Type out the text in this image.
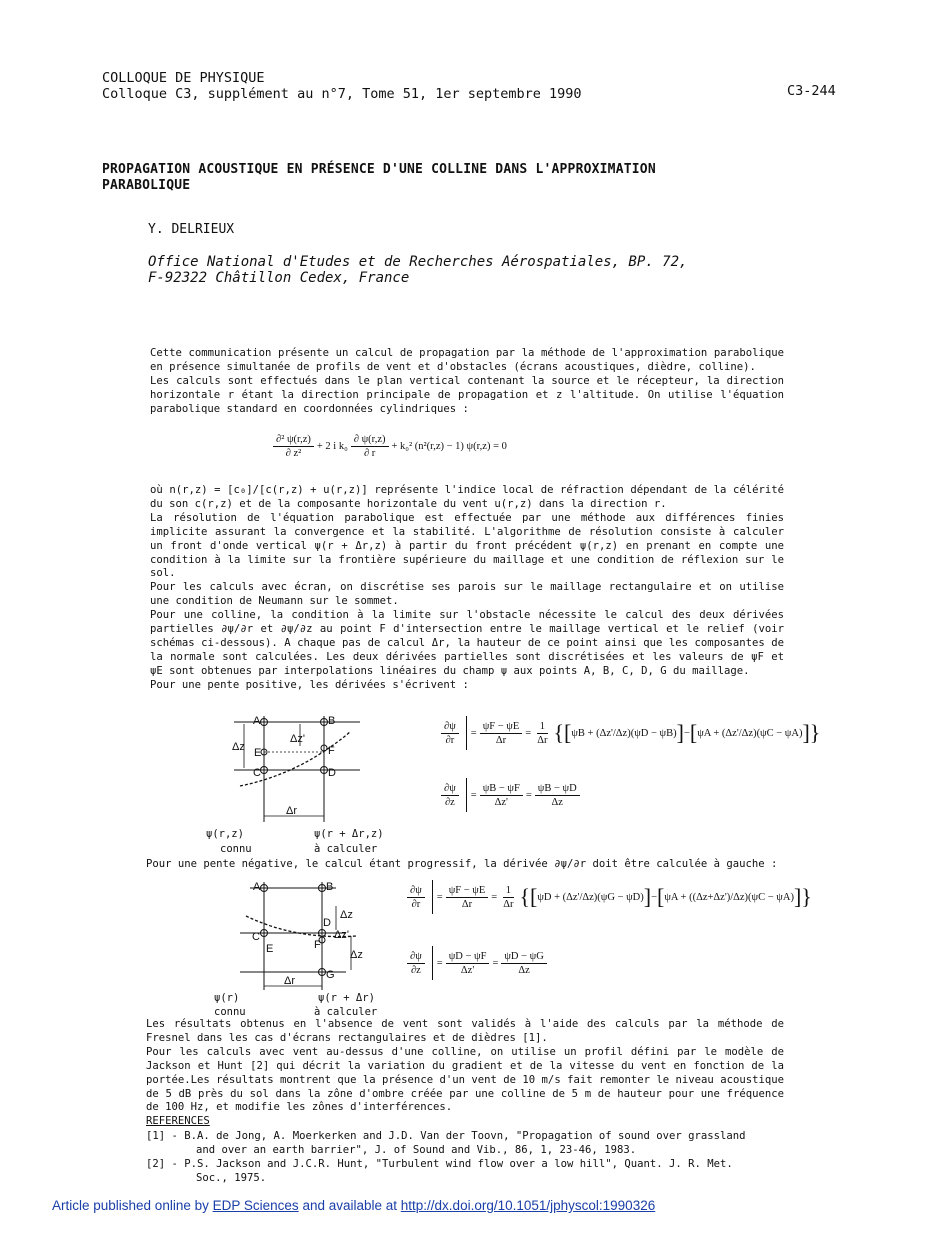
COLLOQUE DE PHYSIQUE
Colloque C3, supplément au n°7, Tome 51, 1er septembre 1990	C3-244
PROPAGATION ACOUSTIQUE EN PRÉSENCE D'UNE COLLINE DANS L'APPROXIMATION
PARABOLIQUE
Y. DELRIEUX
Office National d'Etudes et de Recherches Aérospatiales, BP. 72,
F-92322 Châtillon Cedex, France

Cette communication présente un calcul de propagation par la méthode de l'approximation parabolique en présence simultanée de profils de vent et d'obstacles (écrans acoustiques, dièdre, colline).

Les calculs sont effectués dans le plan vertical contenant la source et le récepteur, la direction horizontale r étant la direction principale de propagation et z l'altitude. On utilise l'équation parabolique standard en coordonnées cylindriques :

$\frac{\text{∂² ψ(r,z)}}{\text{∂ z²}} + 2$ i $k_0 \frac{\partial \psi(r,z)}{\partial r} + k_0^2$ (n²(r,z) − 1) ψ(r,z) = 0

où n(r,z) = [c₀]/[c(r,z) + u(r,z)] représente l'indice local de réfraction dépendant de la célérité du son c(r,z) et de la composante horizontale du vent u(r,z) dans la direction r.

La résolution de l'équation parabolique est effectuée par une méthode aux différences finies implicite assurant la convergence et la stabilité. L'algorithme de résolution consiste à calculer un front d'onde vertical ψ(r + Δr,z) à partir du front précédent ψ(r,z) en prenant en compte une condition à la limite sur la frontière supérieure du maillage et une condition de réflexion sur le sol.

Pour les calculs avec écran, on discrétise ses parois sur le maillage rectangulaire et on utilise une condition de Neumann sur le sommet.

Pour une colline, la condition à la limite sur l'obstacle nécessite le calcul des deux dérivées partielles ∂ψ/∂r et ∂ψ/∂z au point F d'intersection entre le maillage vertical et le relief (voir schémas ci-dessous). A chaque pas de calcul Δr, la hauteur de ce point ainsi que les composantes de la normale sont calculées. Les deux dérivées partielles sont discrétisées et les valeurs de ψF et ψE sont obtenues par interpolations linéaires du champ ψ aux points A, B, C, D, G du maillage.

Pour une pente positive, les dérivées s'écrivent :

A	B
C	D
E	F
Δz
Δz'
Δr
ψ(r,z)
connu
ψ(r + Δr,z)
à calculer
$\frac{\partial\psi}{\partial r} = \frac{\psi F - \psi E}{\Delta r} = \frac{1}{\Delta r}$ {[ ψB + (Δz'/Δz)(ψD − ψB) ] − [ ψA + (Δz'/Δz)(ψC − ψA) ]}
$\frac{\partial\psi}{\partial z} = \frac{\psi B - \psi F}{\Delta z'} = \frac{\psi B - \psi D}{\Delta z}$
Pour une pente négative, le calcul étant progressif, la dérivée ∂ψ/∂r doit être calculée à gauche :
A	B
C
D
E	F
G
Δz
Δz'
Δz
Δr
ψ(r)
connu
ψ(r + Δr)
à calculer
$\frac{\partial\psi}{\partial r} = \frac{\psi F - \psi E}{\Delta r} = \frac{1}{\Delta r}$ {[ ψD + (Δz'/Δz)(ψG − ψD) ] − [ ψA + ((Δz+Δz')/Δz)(ψC − ψA) ]}
$\frac{\partial\psi}{\partial z} = \frac{\psi D - \psi F}{\Delta z'} = \frac{\psi D - \psi G}{\Delta z}$

Les résultats obtenus en l'absence de vent sont validés à l'aide des calculs par la méthode de Fresnel dans les cas d'écrans rectangulaires et de dièdres [1].

Pour les calculs avec vent au-dessus d'une colline, on utilise un profil défini par le modèle de Jackson et Hunt [2] qui décrit la variation du gradient et de la vitesse du vent en fonction de la portée.Les résultats montrent que la présence d'un vent de 10 m/s fait remonter le niveau acoustique de 5 dB près du sol dans la zône d'ombre créée par une colline de 5 m de hauteur pour une fréquence de 100 Hz, et modifie les zônes d'interférences.

REFERENCES
[1] - B.A. de Jong, A. Moerkerken and J.D. Van der Toovn, "Propagation of sound over grassland
and over an earth barrier", J. of Sound and Vib., 86, 1, 23-46, 1983.
[2] - P.S. Jackson and J.C.R. Hunt, "Turbulent wind flow over a low hill", Quant. J. R. Met.
Soc., 1975.
Article published online by EDP Sciences and available at http://dx.doi.org/10.1051/jphyscol:1990326
